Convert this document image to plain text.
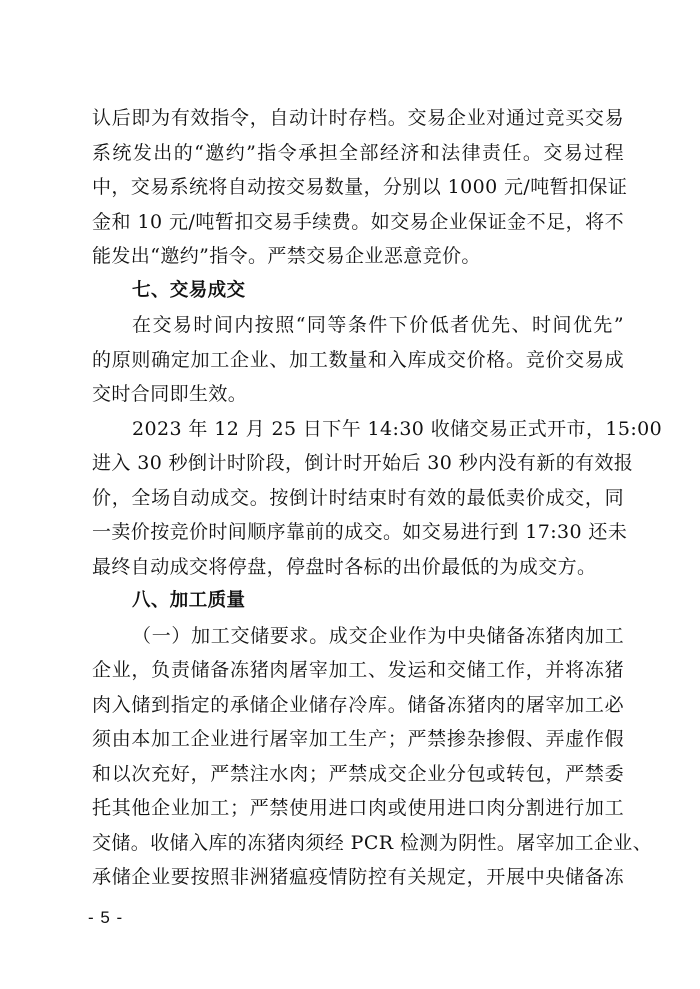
认后即为有效指令，自动计时存档。交易企业对通过竞买交易
系统发出的“邀约”指令承担全部经济和法律责任。交易过程
中，交易系统将自动按交易数量，分别以 1000 元/吨暂扣保证
金和 10 元/吨暂扣交易手续费。如交易企业保证金不足，将不
能发出“邀约”指令。严禁交易企业恶意竞价。
七、交易成交
在交易时间内按照“同等条件下价低者优先、时间优先”
的原则确定加工企业、加工数量和入库成交价格。竞价交易成
交时合同即生效。
2023 年 12 月 25 日下午 14:30 收储交易正式开市，15:00
进入 30 秒倒计时阶段，倒计时开始后 30 秒内没有新的有效报
价，全场自动成交。按倒计时结束时有效的最低卖价成交，同
一卖价按竞价时间顺序靠前的成交。如交易进行到 17:30 还未
最终自动成交将停盘，停盘时各标的出价最低的为成交方。
八、加工质量
（一）加工交储要求。成交企业作为中央储备冻猪肉加工
企业，负责储备冻猪肉屠宰加工、发运和交储工作，并将冻猪
肉入储到指定的承储企业储存冷库。储备冻猪肉的屠宰加工必
须由本加工企业进行屠宰加工生产；严禁掺杂掺假、弄虚作假
和以次充好，严禁注水肉；严禁成交企业分包或转包，严禁委
托其他企业加工；严禁使用进口肉或使用进口肉分割进行加工
交储。收储入库的冻猪肉须经 PCR 检测为阴性。屠宰加工企业、
承储企业要按照非洲猪瘟疫情防控有关规定，开展中央储备冻
- 5 -
